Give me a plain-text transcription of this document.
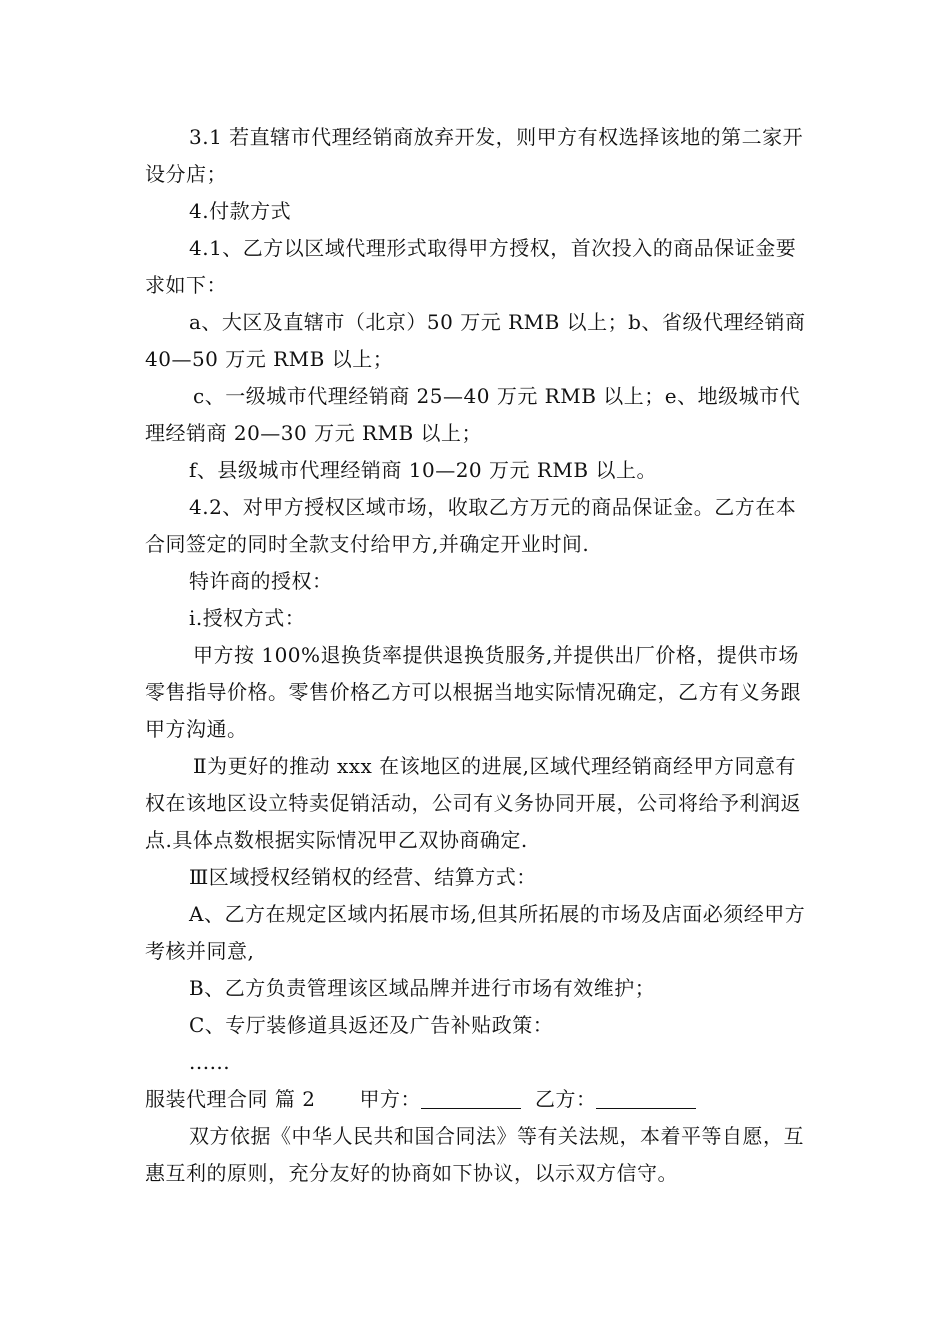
3.1 若直辖市代理经销商放弃开发，则甲方有权选择该地的第二家开设分店；

4.付款方式

4.1、乙方以区域代理形式取得甲方授权，首次投入的商品保证金要求如下：

a、大区及直辖市（北京）50 万元 RMB 以上；b、省级代理经销商 40—50 万元 RMB 以上；

c、一级城市代理经销商 25—40 万元 RMB 以上；e、地级城市代理经销商 20—30 万元 RMB 以上；

f、县级城市代理经销商 10—20 万元 RMB 以上。

4.2、对甲方授权区域市场，收取乙方万元的商品保证金。乙方在本合同签定的同时全款支付给甲方,并确定开业时间.

特许商的授权：

i.授权方式：

甲方按 100%退换货率提供退换货服务,并提供出厂价格，提供市场零售指导价格。零售价格乙方可以根据当地实际情况确定，乙方有义务跟甲方沟通。

Ⅱ为更好的推动 xxx 在该地区的进展,区域代理经销商经甲方同意有权在该地区设立特卖促销活动，公司有义务协同开展，公司将给予利润返点.具体点数根据实际情况甲乙双协商确定.

Ⅲ区域授权经销权的经营、结算方式：

A、乙方在规定区域内拓展市场,但其所拓展的市场及店面必须经甲方考核并同意,

B、乙方负责管理该区域品牌并进行市场有效维护；

C、专厅装修道具返还及广告补贴政策：

......

服装代理合同 篇 2 甲方：	乙方：

双方依据《中华人民共和国合同法》等有关法规，本着平等自愿，互惠互利的原则，充分友好的协商如下协议，以示双方信守。
